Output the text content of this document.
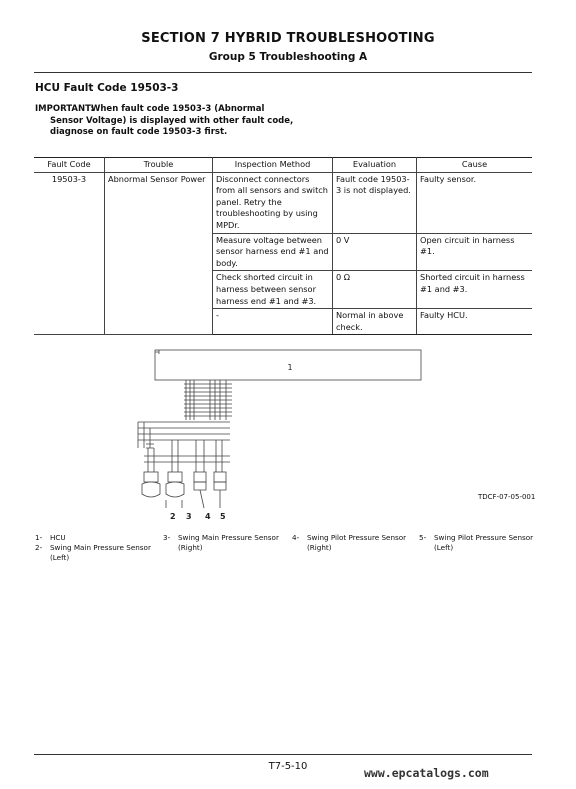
SECTION 7 HYBRID TROUBLESHOOTING
Group 5 Troubleshooting A
HCU Fault Code 19503-3
IMPORTANT:When fault code 19503-3 (Abnormal
Sensor Voltage) is displayed with other fault code,
diagnose on fault code 19503-3 first.
Fault Code	Trouble	Inspection Method	Evaluation	Cause
19503-3	Abnormal Sensor Power	Disconnect connectors from all sensors and switch panel. Retry the troubleshooting by using MPDr.	Fault code 19503-3 is not displayed.	Faulty sensor.
		Measure voltage between sensor harness end #1 and body.	0 V	Open circuit in harness #1.
		Check shorted circuit in harness between sensor harness end #1 and #3.	0 Ω	Shorted circuit in harness #1 and #3.
		-	Normal in above check.	Faulty HCU.
1
2 3 4 5
TDCF-07-05-001
1- HCU
2- Swing Main Pressure Sensor
(Left)
3- Swing Main Pressure Sensor
(Right)
4- Swing Pilot Pressure Sensor
(Right)
5- Swing Pilot Pressure Sensor
(Left)
T7-5-10	www.epcatalogs.com
